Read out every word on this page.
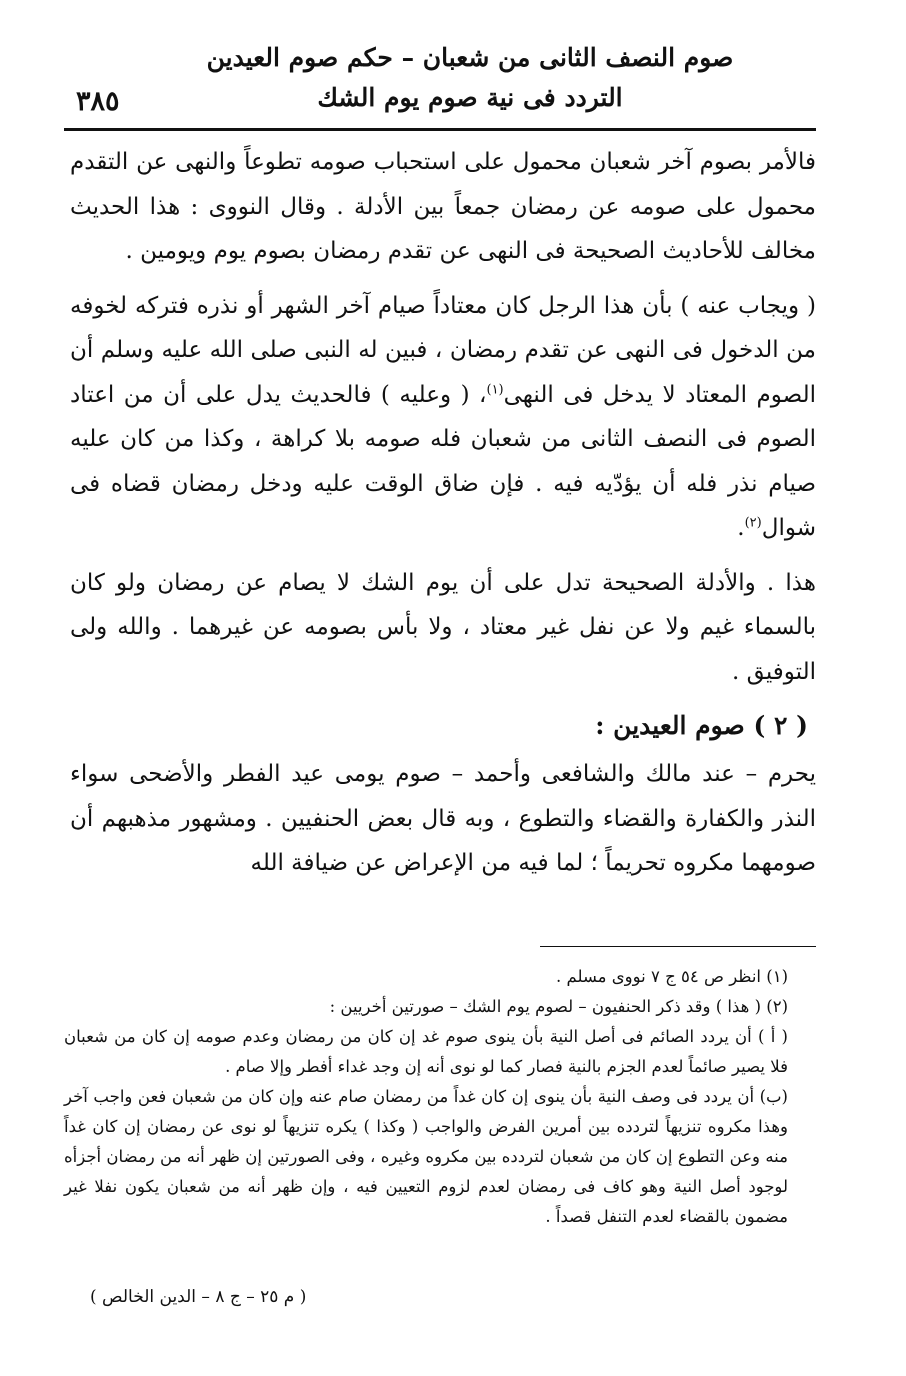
صوم النصف الثانى من شعبان – حكم صوم العيدين
التردد فى نية صوم يوم الشك
٣٨٥

فالأمر بصوم آخر شعبان محمول على استحباب صومه تطوعاً والنهى عن التقدم محمول على صومه عن رمضان جمعاً بين الأدلة . وقال النووى : هذا الحديث مخالف للأحاديث الصحيحة فى النهى عن تقدم رمضان بصوم يوم ويومين .

( ويجاب عنه ) بأن هذا الرجل كان معتاداً صيام آخر الشهر أو نذره فتركه لخوفه من الدخول فى النهى عن تقدم رمضان ، فبين له النبى صلى الله عليه وسلم أن الصوم المعتاد لا يدخل فى النهى$^{(١)}$، ( وعليه ) فالحديث يدل على أن من اعتاد الصوم فى النصف الثانى من شعبان فله صومه بلا كراهة ، وكذا من كان عليه صيام نذر فله أن يؤدّيه فيه . فإن ضاق الوقت عليه ودخل رمضان قضاه فى شوال$^{(٢)}$.

هذا . والأدلة الصحيحة تدل على أن يوم الشك لا يصام عن رمضان ولو كان بالسماء غيم ولا عن نفل غير معتاد ، ولا بأس بصومه عن غيرهما . والله ولى التوفيق .

( ٢ ) صوم العيدين :

يحرم – عند مالك والشافعى وأحمد – صوم يومى عيد الفطر والأضحى سواء النذر والكفارة والقضاء والتطوع ، وبه قال بعض الحنفيين . ومشهور مذهبهم أن صومهما مكروه تحريماً ؛ لما فيه من الإعراض عن ضيافة الله

(١) انظر ص ٥٤ ج ٧ نووى مسلم .

(٢) ( هذا ) وقد ذكر الحنفيون – لصوم يوم الشك – صورتين أخريين :

( أ ) أن يردد الصائم فى أصل النية بأن ينوى صوم غد إن كان من رمضان وعدم صومه إن كان من شعبان فلا يصير صائماً لعدم الجزم بالنية فصار كما لو نوى أنه إن وجد غداء أفطر وإلا صام .

(ب) أن يردد فى وصف النية بأن ينوى إن كان غداً من رمضان صام عنه وإن كان من شعبان فعن واجب آخر وهذا مكروه تنزيهاً لتردده بين أمرين الفرض والواجب ( وكذا ) يكره تنزيهاً لو نوى عن رمضان إن كان غداً منه وعن التطوع إن كان من شعبان لتردده بين مكروه وغيره ، وفى الصورتين إن ظهر أنه من رمضان أجزأه لوجود أصل النية وهو كاف فى رمضان لعدم لزوم التعيين فيه ، وإن ظهر أنه من شعبان يكون نفلا غير مضمون بالقضاء لعدم التنفل قصداً .

( م ٢٥ – ج ٨ – الدين الخالص )
